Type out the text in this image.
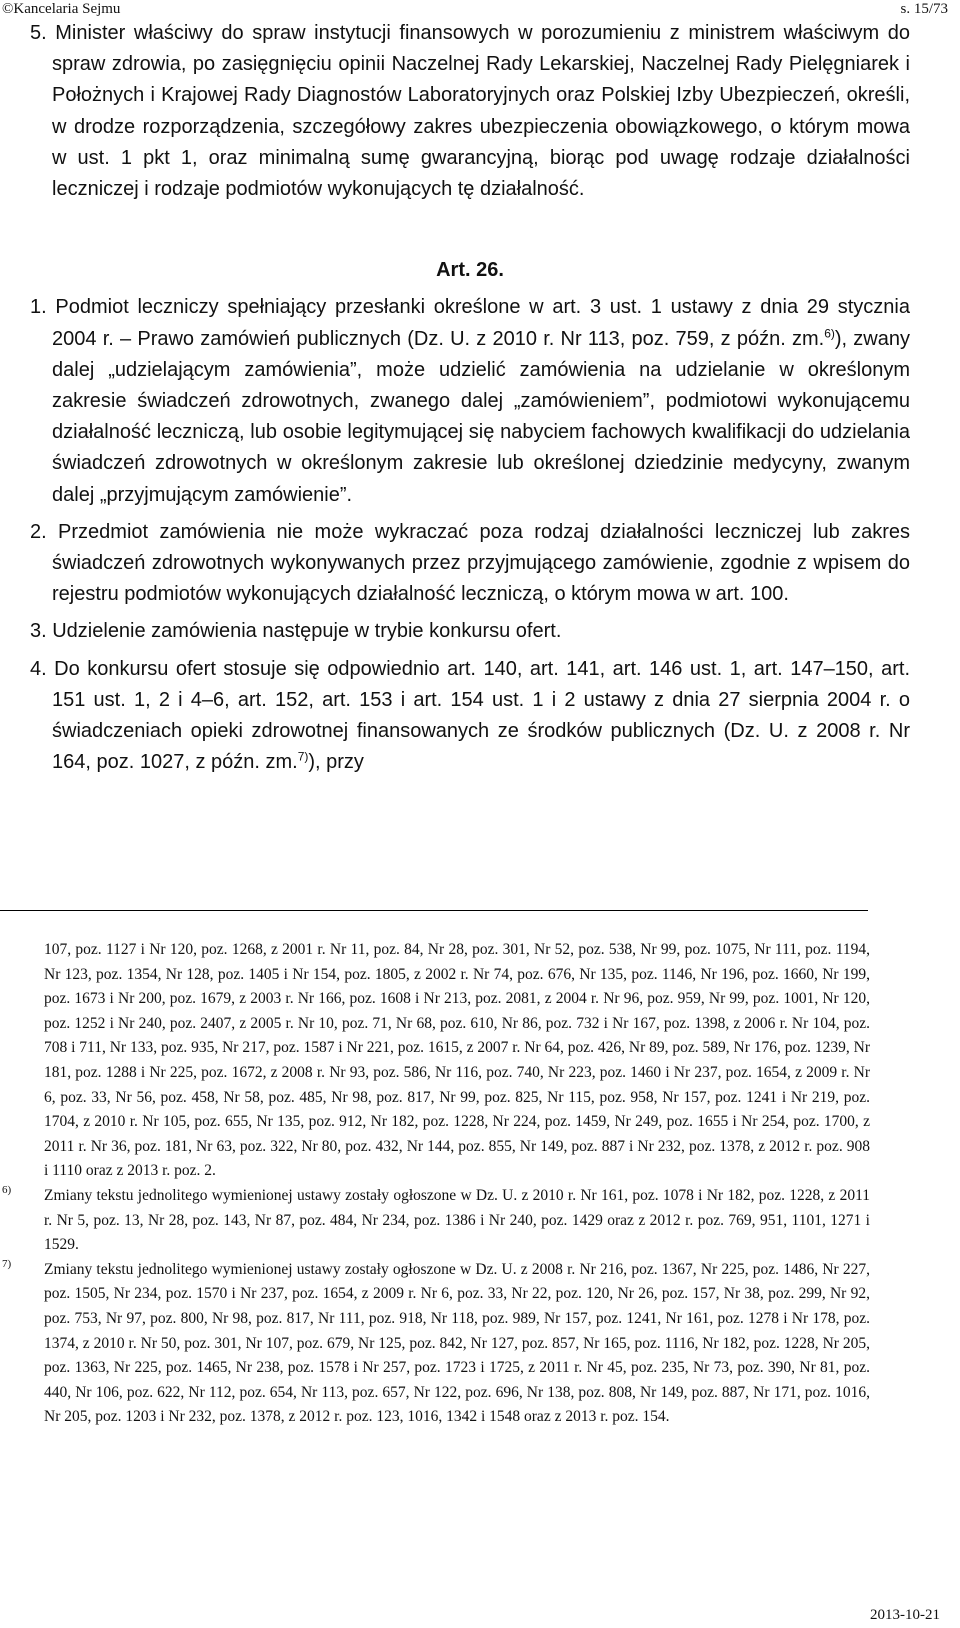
©Kancelaria Sejmu	s. 15/73

5. Minister właściwy do spraw instytucji finansowych w porozumieniu z ministrem właściwym do spraw zdrowia, po zasięgnięciu opinii Naczelnej Rady Lekarskiej, Naczelnej Rady Pielęgniarek i Położnych i Krajowej Rady Diagnostów Laboratoryjnych oraz Polskiej Izby Ubezpieczeń, określi, w drodze rozporządzenia, szczegółowy zakres ubezpieczenia obowiązkowego, o którym mowa w ust. 1 pkt 1, oraz minimalną sumę gwarancyjną, biorąc pod uwagę rodzaje działalności leczniczej i rodzaje podmiotów wykonujących tę działalność.

Art. 26.

1. Podmiot leczniczy spełniający przesłanki określone w art. 3 ust. 1 ustawy z dnia 29 stycznia 2004 r. – Prawo zamówień publicznych (Dz. U. z 2010 r. Nr 113, poz. 759, z późn. zm.$^{6)}$), zwany dalej „udzielającym zamówienia”, może udzielić zamówienia na udzielanie w określonym zakresie świadczeń zdrowotnych, zwanego dalej „zamówieniem”, podmiotowi wykonującemu działalność leczniczą, lub osobie legitymującej się nabyciem fachowych kwalifikacji do udzielania świadczeń zdrowotnych w określonym zakresie lub określonej dziedzinie medycyny, zwanym dalej „przyjmującym zamówienie”.

2. Przedmiot zamówienia nie może wykraczać poza rodzaj działalności leczniczej lub zakres świadczeń zdrowotnych wykonywanych przez przyjmującego zamówienie, zgodnie z wpisem do rejestru podmiotów wykonujących działalność leczniczą, o którym mowa w art. 100.

3. Udzielenie zamówienia następuje w trybie konkursu ofert.

4. Do konkursu ofert stosuje się odpowiednio art. 140, art. 141, art. 146 ust. 1, art. 147–150, art. 151 ust. 1, 2 i 4–6, art. 152, art. 153 i art. 154 ust. 1 i 2 ustawy z dnia 27 sierpnia 2004 r. o świadczeniach opieki zdrowotnej finansowanych ze środków publicznych (Dz. U. z 2008 r. Nr 164, poz. 1027, z późn. zm.$^{7)}$), przy

107, poz. 1127 i Nr 120, poz. 1268, z 2001 r. Nr 11, poz. 84, Nr 28, poz. 301, Nr 52, poz. 538, Nr 99, poz. 1075, Nr 111, poz. 1194, Nr 123, poz. 1354, Nr 128, poz. 1405 i Nr 154, poz. 1805, z 2002 r. Nr 74, poz. 676, Nr 135, poz. 1146, Nr 196, poz. 1660, Nr 199, poz. 1673 i Nr 200, poz. 1679, z 2003 r. Nr 166, poz. 1608 i Nr 213, poz. 2081, z 2004 r. Nr 96, poz. 959, Nr 99, poz. 1001, Nr 120, poz. 1252 i Nr 240, poz. 2407, z 2005 r. Nr 10, poz. 71, Nr 68, poz. 610, Nr 86, poz. 732 i Nr 167, poz. 1398, z 2006 r. Nr 104, poz. 708 i 711, Nr 133, poz. 935, Nr 217, poz. 1587 i Nr 221, poz. 1615, z 2007 r. Nr 64, poz. 426, Nr 89, poz. 589, Nr 176, poz. 1239, Nr 181, poz. 1288 i Nr 225, poz. 1672, z 2008 r. Nr 93, poz. 586, Nr 116, poz. 740, Nr 223, poz. 1460 i Nr 237, poz. 1654, z 2009 r. Nr 6, poz. 33, Nr 56, poz. 458, Nr 58, poz. 485, Nr 98, poz. 817, Nr 99, poz. 825, Nr 115, poz. 958, Nr 157, poz. 1241 i Nr 219, poz. 1704, z 2010 r. Nr 105, poz. 655, Nr 135, poz. 912, Nr 182, poz. 1228, Nr 224, poz. 1459, Nr 249, poz. 1655 i Nr 254, poz. 1700, z 2011 r. Nr 36, poz. 181, Nr 63, poz. 322, Nr 80, poz. 432, Nr 144, poz. 855, Nr 149, poz. 887 i Nr 232, poz. 1378, z 2012 r. poz. 908 i 1110 oraz z 2013 r. poz. 2.

6) Zmiany tekstu jednolitego wymienionej ustawy zostały ogłoszone w Dz. U. z 2010 r. Nr 161, poz. 1078 i Nr 182, poz. 1228, z 2011 r. Nr 5, poz. 13, Nr 28, poz. 143, Nr 87, poz. 484, Nr 234, poz. 1386 i Nr 240, poz. 1429 oraz z 2012 r. poz. 769, 951, 1101, 1271 i 1529.

7) Zmiany tekstu jednolitego wymienionej ustawy zostały ogłoszone w Dz. U. z 2008 r. Nr 216, poz. 1367, Nr 225, poz. 1486, Nr 227, poz. 1505, Nr 234, poz. 1570 i Nr 237, poz. 1654, z 2009 r. Nr 6, poz. 33, Nr 22, poz. 120, Nr 26, poz. 157, Nr 38, poz. 299, Nr 92, poz. 753, Nr 97, poz. 800, Nr 98, poz. 817, Nr 111, poz. 918, Nr 118, poz. 989, Nr 157, poz. 1241, Nr 161, poz. 1278 i Nr 178, poz. 1374, z 2010 r. Nr 50, poz. 301, Nr 107, poz. 679, Nr 125, poz. 842, Nr 127, poz. 857, Nr 165, poz. 1116, Nr 182, poz. 1228, Nr 205, poz. 1363, Nr 225, poz. 1465, Nr 238, poz. 1578 i Nr 257, poz. 1723 i 1725, z 2011 r. Nr 45, poz. 235, Nr 73, poz. 390, Nr 81, poz. 440, Nr 106, poz. 622, Nr 112, poz. 654, Nr 113, poz. 657, Nr 122, poz. 696, Nr 138, poz. 808, Nr 149, poz. 887, Nr 171, poz. 1016, Nr 205, poz. 1203 i Nr 232, poz. 1378, z 2012 r. poz. 123, 1016, 1342 i 1548 oraz z 2013 r. poz. 154.

2013-10-21
